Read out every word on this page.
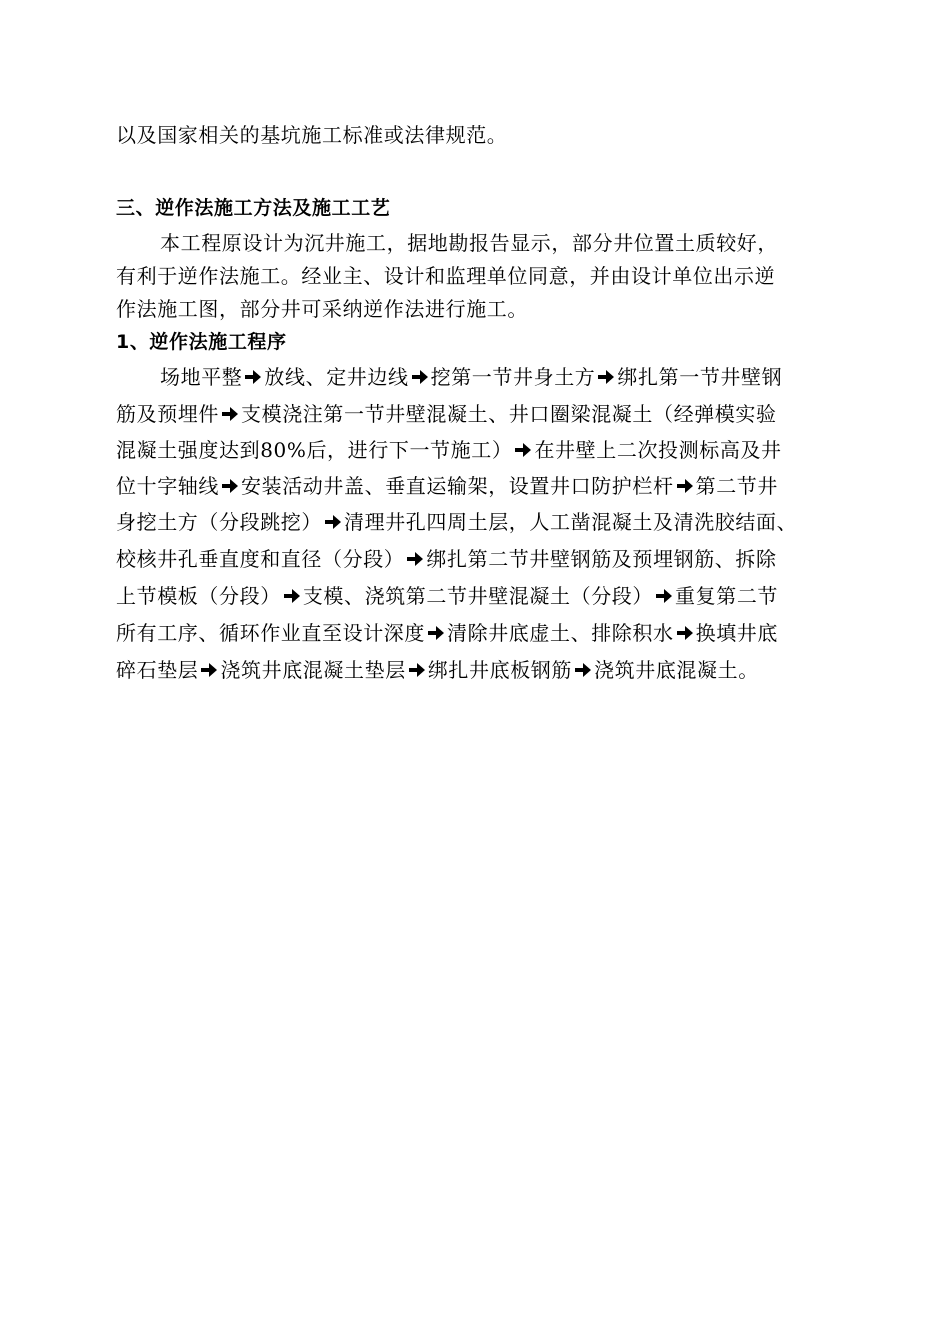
以及国家相关的基坑施工标准或法律规范。
三、逆作法施工方法及施工工艺
本工程原设计为沉井施工，据地勘报告显示，部分井位置土质较好，
有利于逆作法施工。经业主、设计和监理单位同意，并由设计单位出示逆
作法施工图，部分井可采纳逆作法进行施工。
1、逆作法施工程序
场地平整 放线、定井边线 挖第一节井身土方 绑扎第一节井壁钢
筋及预埋件 支模浇注第一节井壁混凝土、井口圈梁混凝土（经弹模实验
混凝土强度达到80%后，进行下一节施工） 在井壁上二次投测标高及井
位十字轴线 安装活动井盖、垂直运输架，设置井口防护栏杆 第二节井
身挖土方（分段跳挖） 清理井孔四周土层，人工凿混凝土及清洗胶结面、
校核井孔垂直度和直径（分段） 绑扎第二节井壁钢筋及预埋钢筋、拆除
上节模板（分段） 支模、浇筑第二节井壁混凝土（分段） 重复第二节
所有工序、循环作业直至设计深度 清除井底虚土、排除积水 换填井底
碎石垫层 浇筑井底混凝土垫层 绑扎井底板钢筋 浇筑井底混凝土。
